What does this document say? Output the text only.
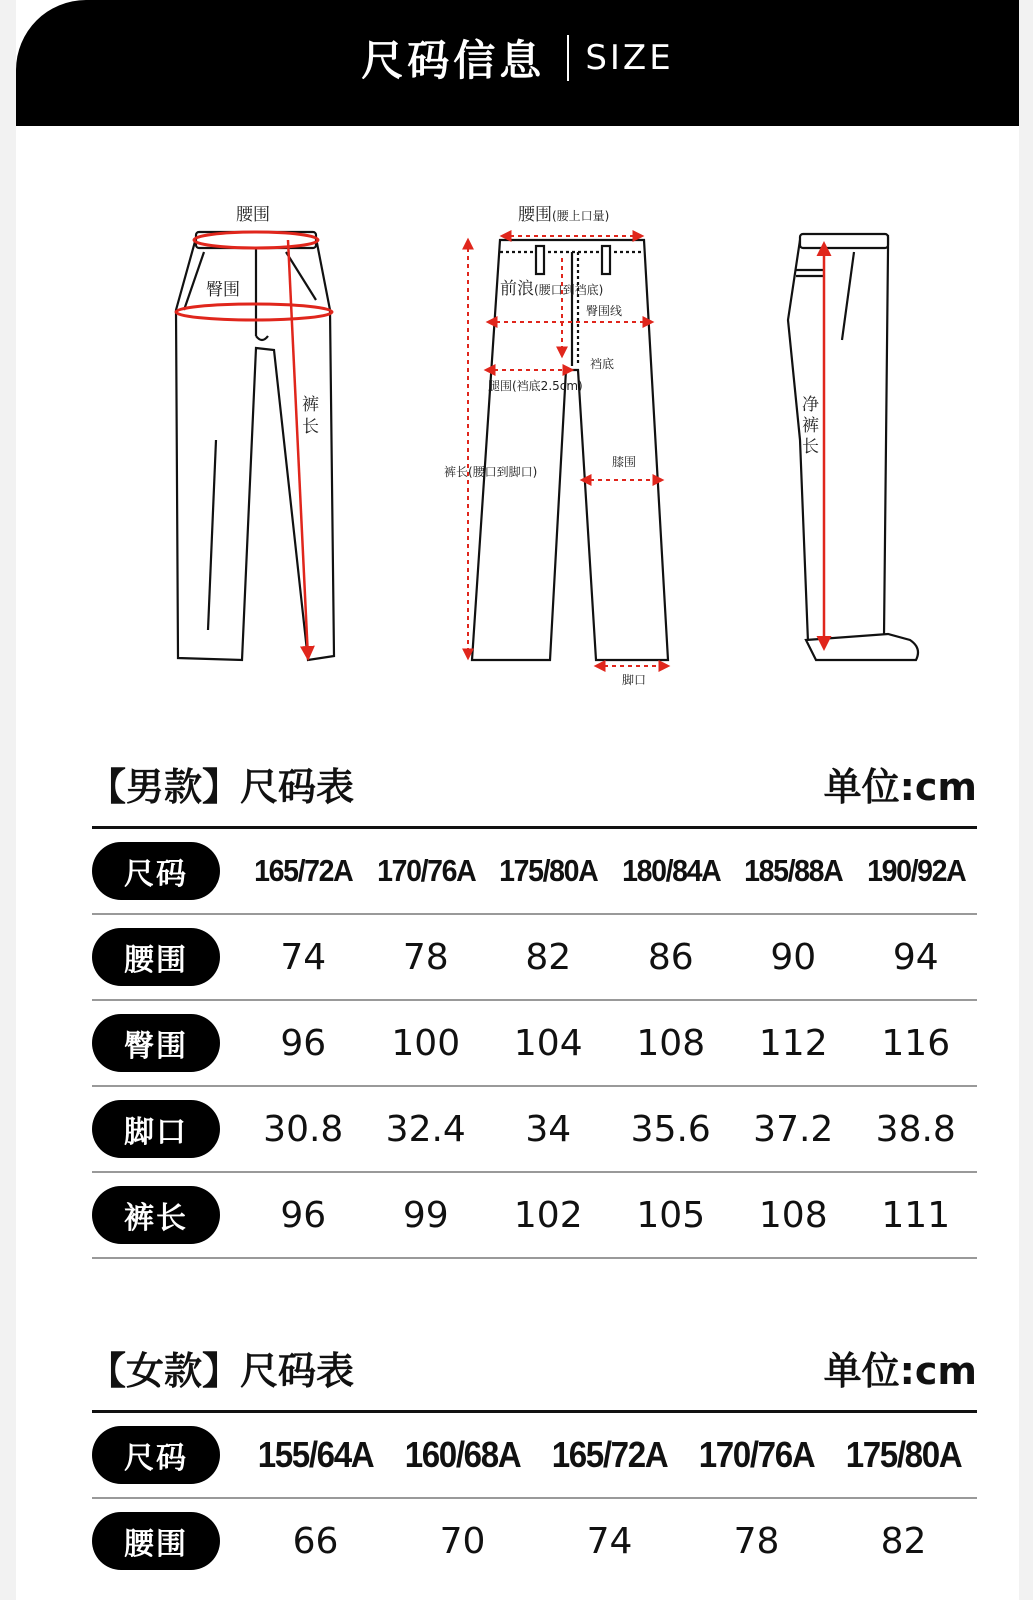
尺码信息 SIZE
腰围
臀围
裤
长
腰围(腰上口量)
前浪(腰口到裆底)
臀围线
裆底
腿围(裆底2.5cm)
裤长(腰口到脚口)
膝围
脚口
净
裤
长
【男款】尺码表	单位:cm
尺码	165/72A 170/76A 175/80A 180/84A 185/88A 190/92A
腰围	74	78	82	86	90	94
臀围	96	100	104	108	112	116
脚口	30.8	32.4	34	35.6	37.2	38.8
裤长	96	99	102	105	108	111
【女款】尺码表	单位:cm
尺码	155/64A 160/68A 165/72A 170/76A 175/80A
腰围	66	70	74	78	82
